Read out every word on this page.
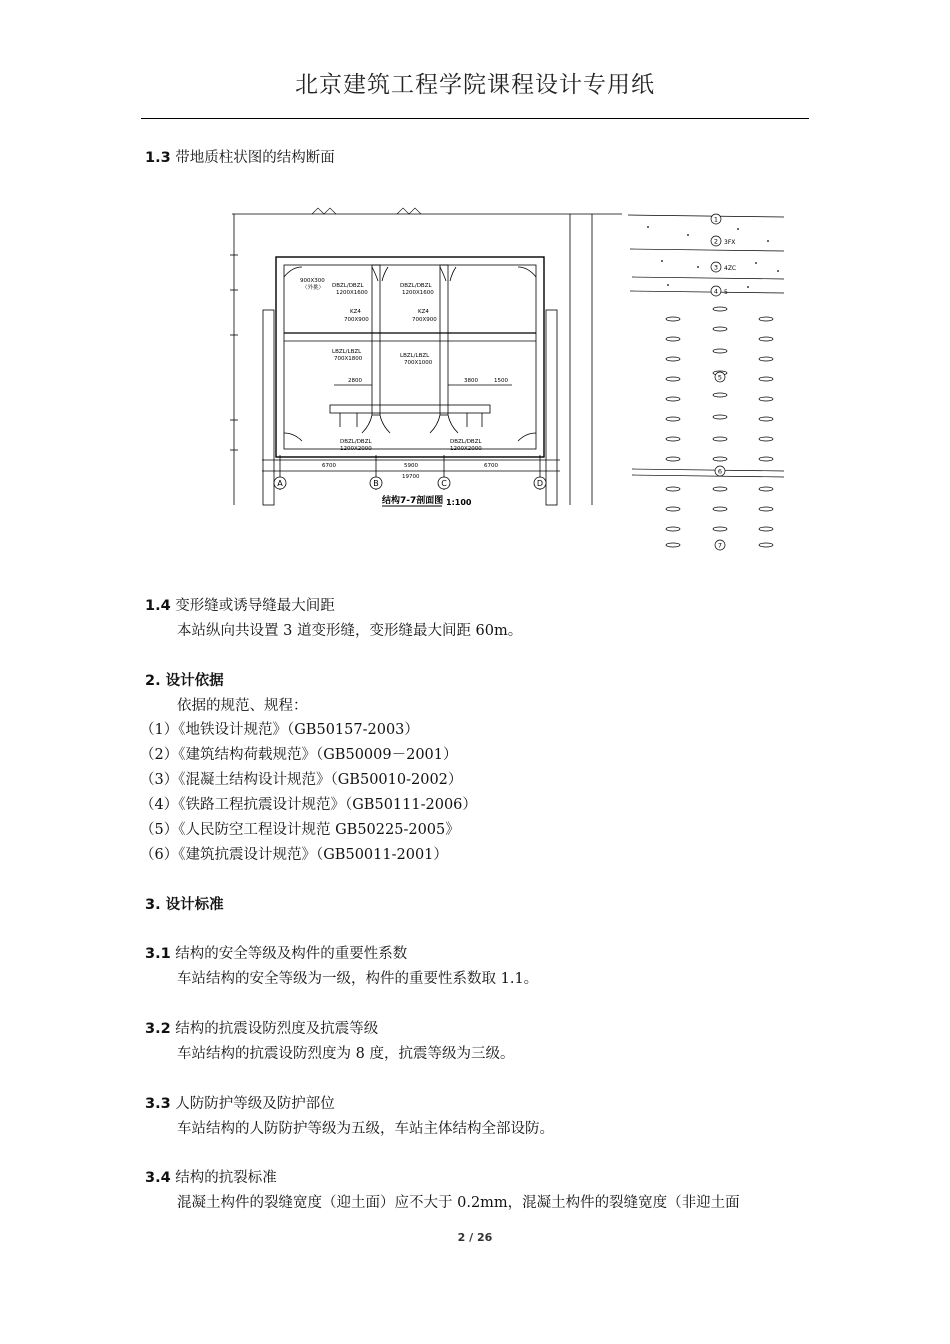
北京建筑工程学院课程设计专用纸
1.3 带地质柱状图的结构断面
A	B	C	D
900X300
（外挑） DBZL/DBZL
1200X1600
DBZL/DBZL
1200X1600
KZ4
700X900
KZ4
700X900
LBZL/LBZL
700X1800	LBZL/LBZL
700X1000
DBZL/DBZL
1200X2000
DBZL/DBZL
1200X2000
2800	3800	1500
6700	5900	6700
19700
结构7-7剖面图 1:100
1
2
3
4
5
6
7
3FX
4ZC
5
1.4 变形缝或诱导缝最大间距
本站纵向共设置 3 道变形缝，变形缝最大间距 60m。
2. 设计依据
依据的规范、规程：
（1）《地铁设计规范》（GB50157-2003）
（2）《建筑结构荷载规范》（GB50009－2001）
（3）《混凝土结构设计规范》（GB50010-2002）
（4）《铁路工程抗震设计规范》（GB50111-2006）
（5）《人民防空工程设计规范 GB50225-2005》
（6）《建筑抗震设计规范》（GB50011-2001）
3. 设计标准
3.1 结构的安全等级及构件的重要性系数
车站结构的安全等级为一级，构件的重要性系数取 1.1。
3.2 结构的抗震设防烈度及抗震等级
车站结构的抗震设防烈度为 8 度，抗震等级为三级。
3.3 人防防护等级及防护部位
车站结构的人防防护等级为五级，车站主体结构全部设防。
3.4 结构的抗裂标准
混凝土构件的裂缝宽度（迎土面）应不大于 0.2mm，混凝土构件的裂缝宽度（非迎土面
2 / 26
